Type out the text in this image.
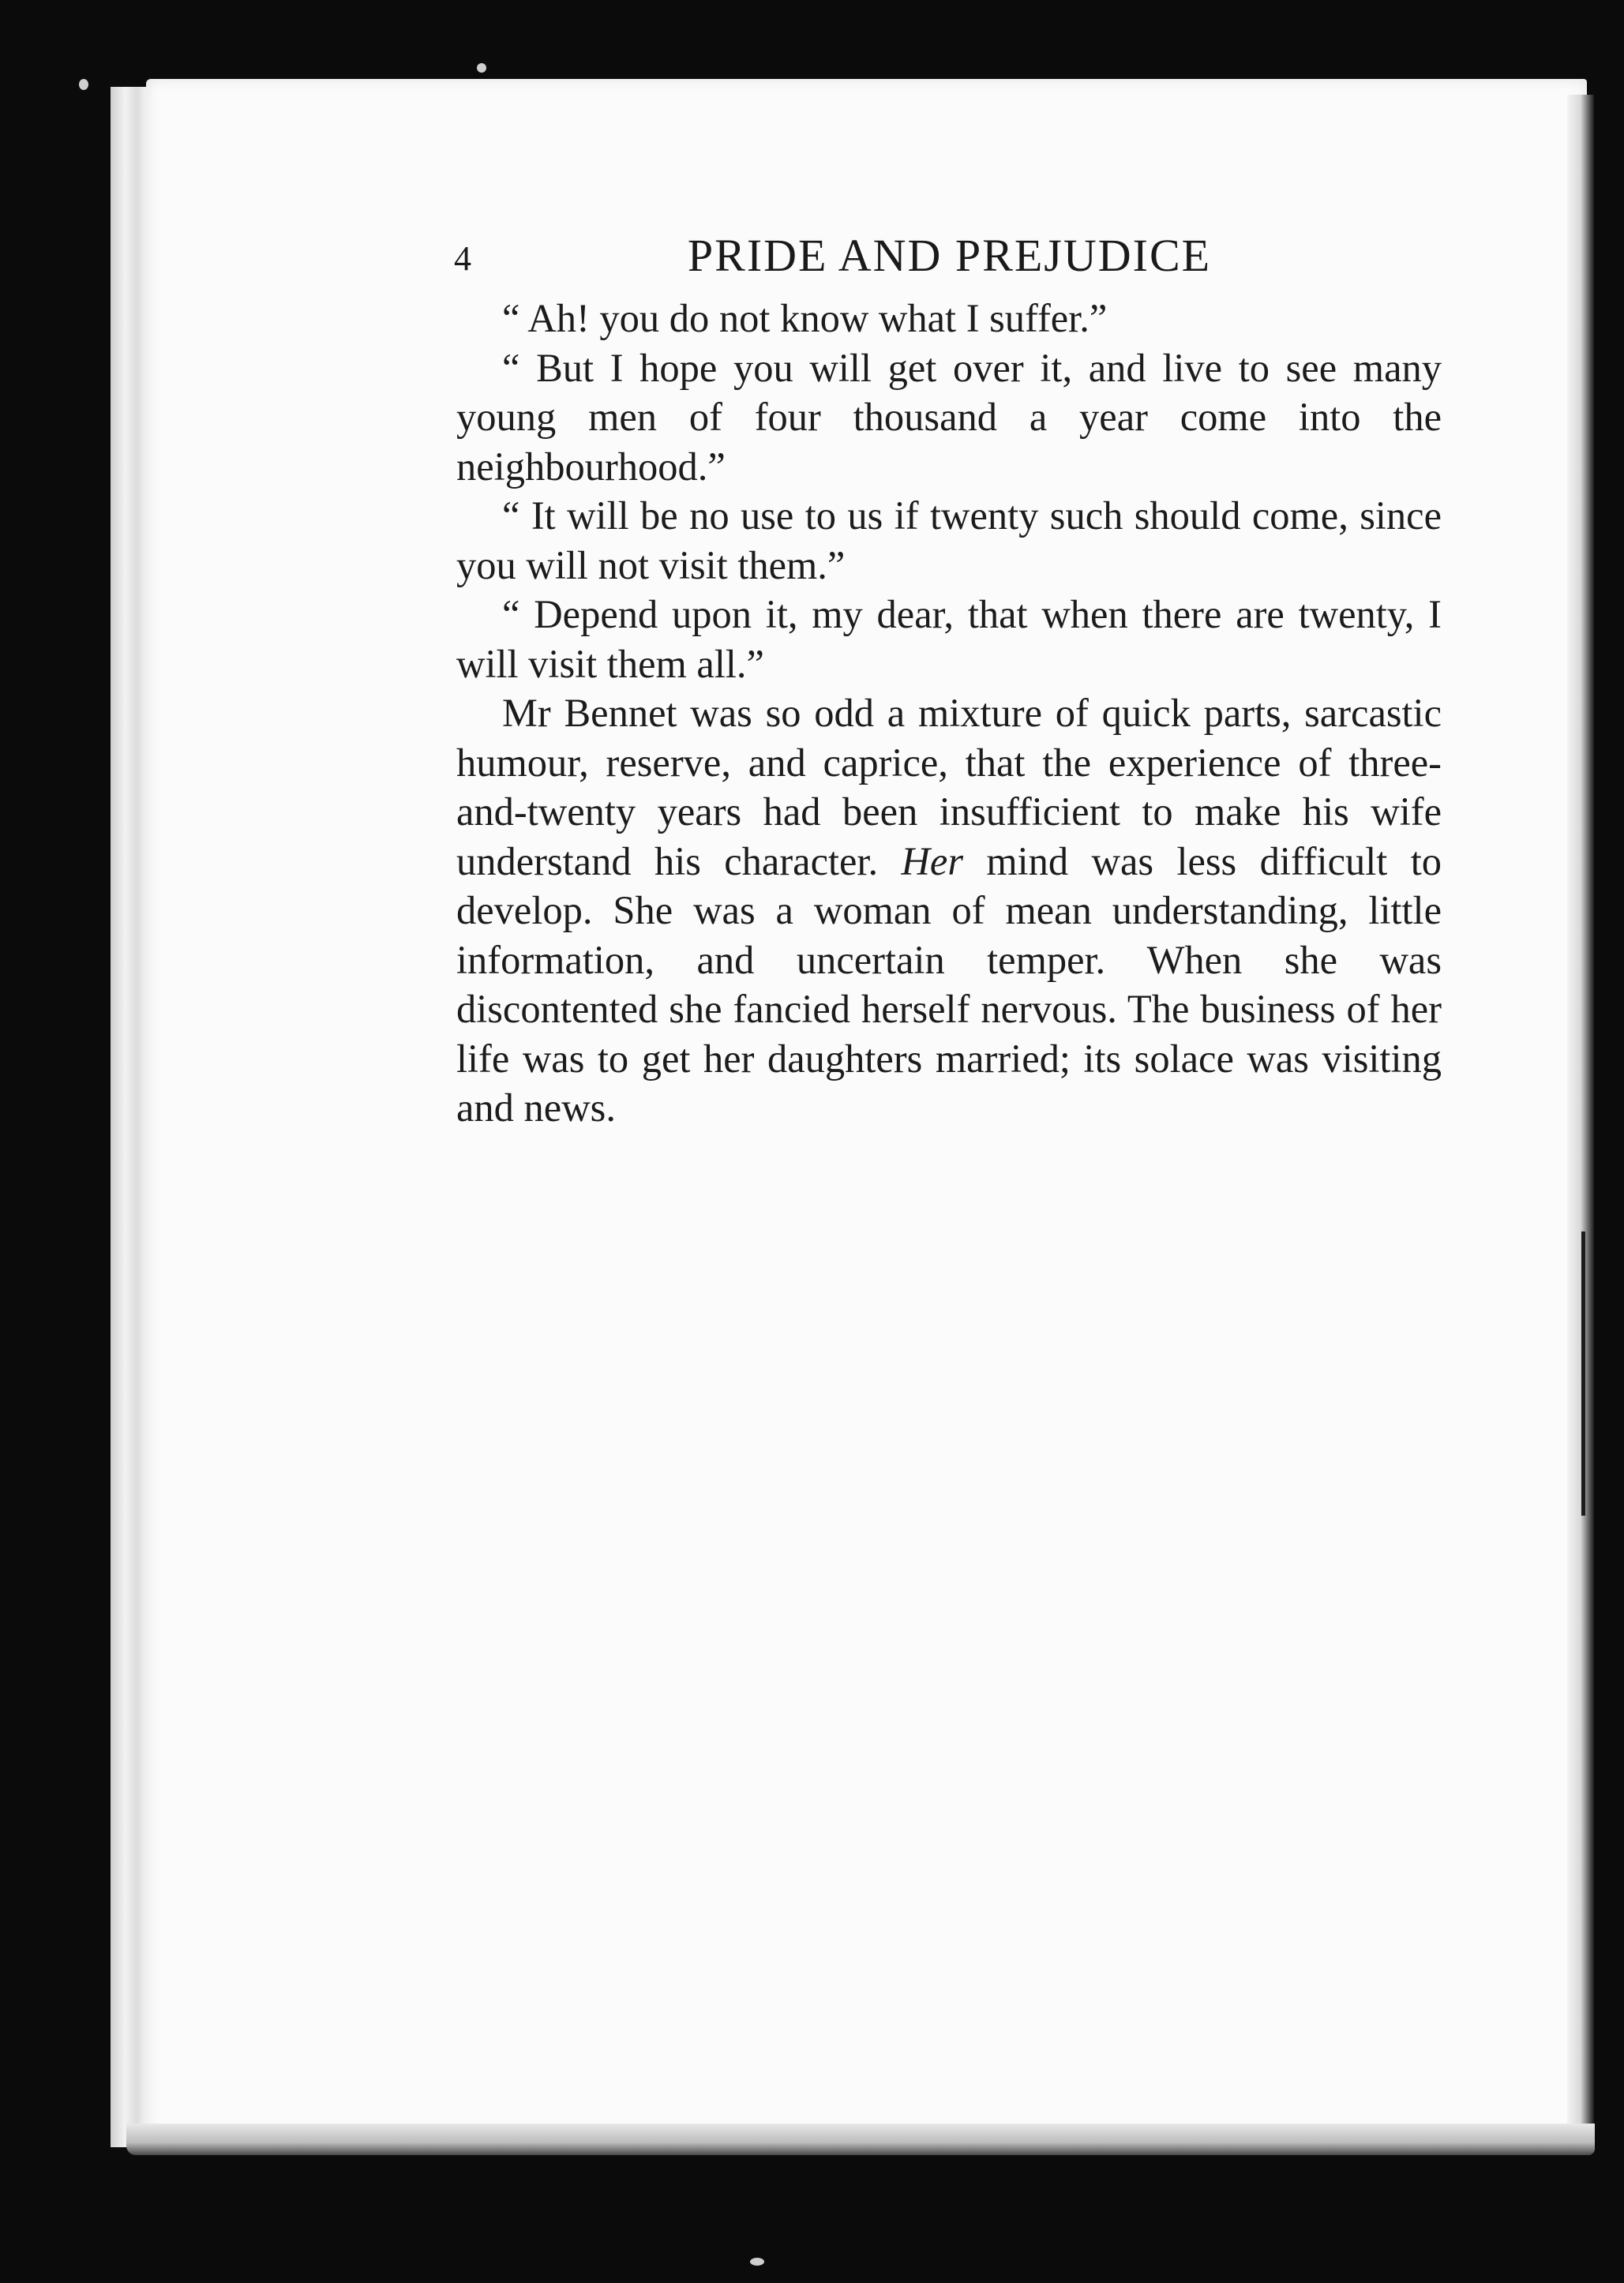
4	PRIDE AND PREJUDICE

“ Ah! you do not know what I suffer.”

“ But I hope you will get over it, and live to see many young men of four thousand a year come into the neighbourhood.”

“ It will be no use to us if twenty such should come, since you will not visit them.”

“ Depend upon it, my dear, that when there are twenty, I will visit them all.”

Mr Bennet was so odd a mixture of quick parts, sarcastic humour, reserve, and caprice, that the experience of three-and-twenty years had been insufficient to make his wife understand his character. Her mind was less difficult to develop. She was a woman of mean understanding, little information, and uncertain temper. When she was discontented she fancied herself nervous. The business of her life was to get her daughters married; its solace was visiting and news.
